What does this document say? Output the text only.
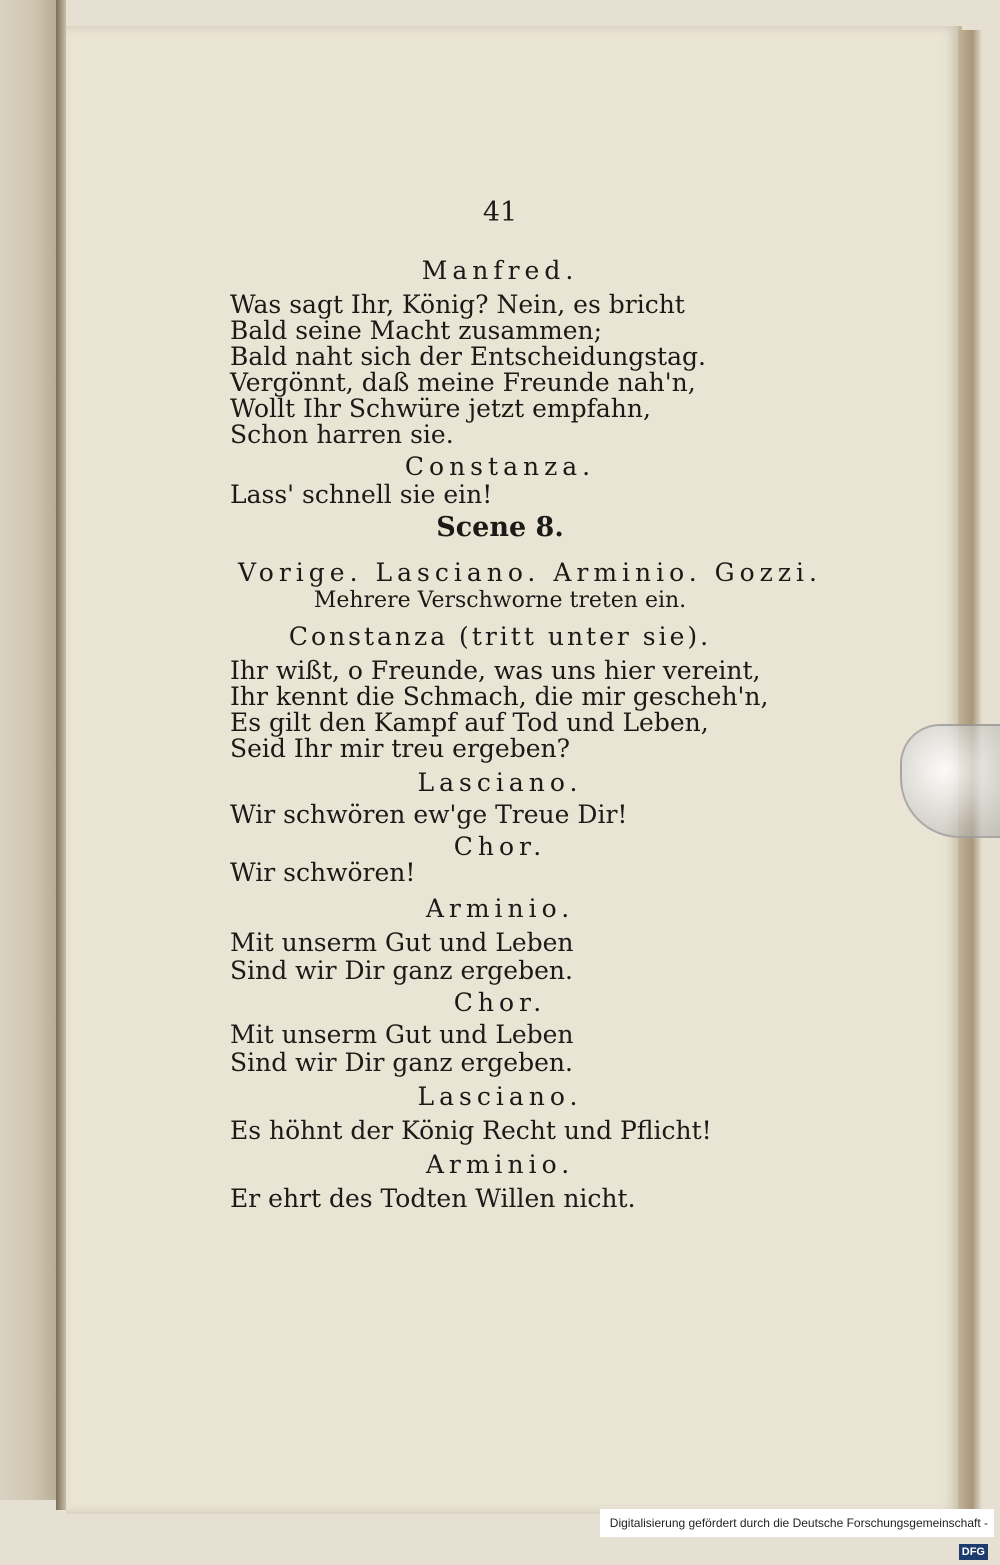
41
Manfred.
Was sagt Ihr, König? Nein, es bricht
Bald seine Macht zusammen;
Bald naht sich der Entscheidungstag.
Vergönnt, daß meine Freunde nah'n,
Wollt Ihr Schwüre jetzt empfahn,
Schon harren sie.
Constanza.
Lass' schnell sie ein!
Scene 8.
Vorige. Lasciano. Arminio. Gozzi.
Mehrere Verschworne treten ein.
Constanza (tritt unter sie).
Ihr wißt, o Freunde, was uns hier vereint,
Ihr kennt die Schmach, die mir gescheh'n,
Es gilt den Kampf auf Tod und Leben,
Seid Ihr mir treu ergeben?
Lasciano.
Wir schwören ew'ge Treue Dir!
Chor.
Wir schwören!
Arminio.
Mit unserm Gut und Leben
Sind wir Dir ganz ergeben.
Chor.
Mit unserm Gut und Leben
Sind wir Dir ganz ergeben.
Lasciano.
Es höhnt der König Recht und Pflicht!
Arminio.
Er ehrt des Todten Willen nicht.
Digitalisierung gefördert durch die Deutsche Forschungsgemeinschaft -DFG
